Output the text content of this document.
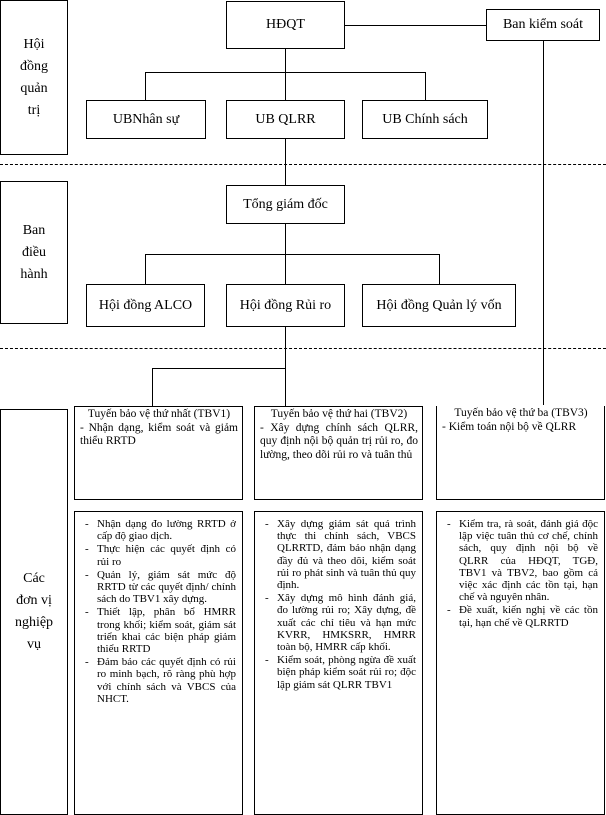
Hội đồng quản trị
Ban điều hành
Các đơn vị nghiệp vụ
HĐQT	Ban kiểm soát
UBNhân sự	UB QLRR	UB Chính sách
Tổng giám đốc
Hội đồng ALCO	Hội đồng Rủi ro	Hội đồng Quản lý vốn
Tuyến bảo vệ thứ nhất (TBV1)
- Nhận dạng, kiểm soát và giảm thiểu RRTD
Tuyến bảo vệ thứ hai (TBV2)
- Xây dựng chính sách QLRR, quy định nội bộ quản trị rủi ro, đo lường, theo dõi rủi ro và tuân thủ
Tuyến bảo vệ thứ ba (TBV3)
- Kiểm toán nội bộ về QLRR
- Nhận dạng đo lường RRTD ở cấp độ giao dịch.
- Thực hiện các quyết định có rủi ro
- Quản lý, giám sát mức độ RRTD từ các quyết định/ chính sách do TBV1 xây dựng.
- Thiết lập, phân bổ HMRR trong khối; kiểm soát, giám sát triển khai các biện pháp giảm thiểu RRTD
- Đảm bảo các quyết định có rủi ro minh bạch, rõ ràng phù hợp với chính sách và VBCS của NHCT.
- Xây dựng giám sát quá trình thực thi chính sách, VBCS QLRRTD, đảm bảo nhận dạng đầy đủ và theo dõi, kiểm soát rủi ro phát sinh và tuân thủ quy định.
- Xây dựng mô hình đánh giá, đo lường rủi ro; Xây dựng, đề xuất các chỉ tiêu và hạn mức KVRR, HMKSRR, HMRR toàn bộ, HMRR cấp khối.
- Kiểm soát, phòng ngừa đề xuất biện pháp kiểm soát rủi ro; độc lập giám sát QLRR TBV1
- Kiểm tra, rà soát, đánh giá độc lập việc tuân thủ cơ chế, chính sách, quy định nội bộ về QLRR của HĐQT, TGĐ, TBV1 và TBV2, bao gồm cả việc xác định các tồn tại, hạn chế và nguyên nhân.
- Đề xuất, kiến nghị về các tồn tại, hạn chế về QLRRTD
